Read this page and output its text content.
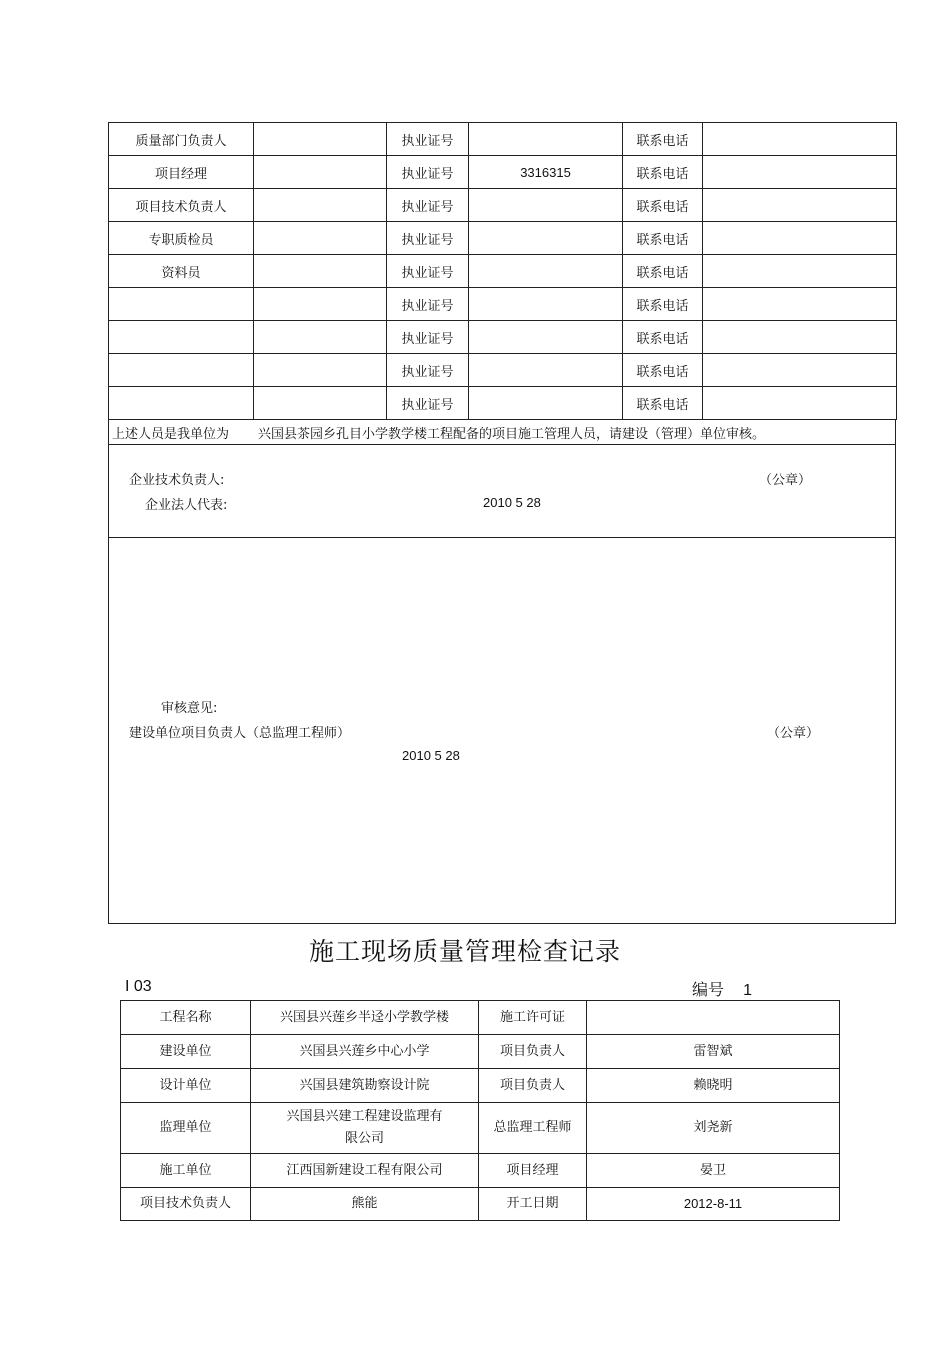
质量部门负责人		执业证号		联系电话	
项目经理		执业证号	3316315	联系电话	
项目技术负责人		执业证号		联系电话	
专职质检员		执业证号		联系电话	
资料员		执业证号		联系电话	
		执业证号		联系电话	
		执业证号		联系电话	
		执业证号		联系电话	
		执业证号		联系电话	
上述人员是我单位为 兴国县茶园乡孔目小学教学楼工程配备的项目施工管理人员，请建设（管理）单位审核。
企业技术负责人:	（公章）
企业法人代表:	2010 5 28
审核意见:
建设单位项目负责人（总监理工程师）	（公章）
2010 5 28
施工现场质量管理检查记录
I 03	编号 1
工程名称	兴国县兴莲乡半迳小学教学楼	施工许可证	
建设单位	兴国县兴莲乡中心小学	项目负责人	雷智斌
设计单位	兴国县建筑勘察设计院	项目负责人	赖晓明
监理单位	兴国县兴建工程建设监理有限公司	总监理工程师	刘尧新
施工单位	江西国新建设工程有限公司	项目经理	晏卫
项目技术负责人	熊能	开工日期	2012-8-11
